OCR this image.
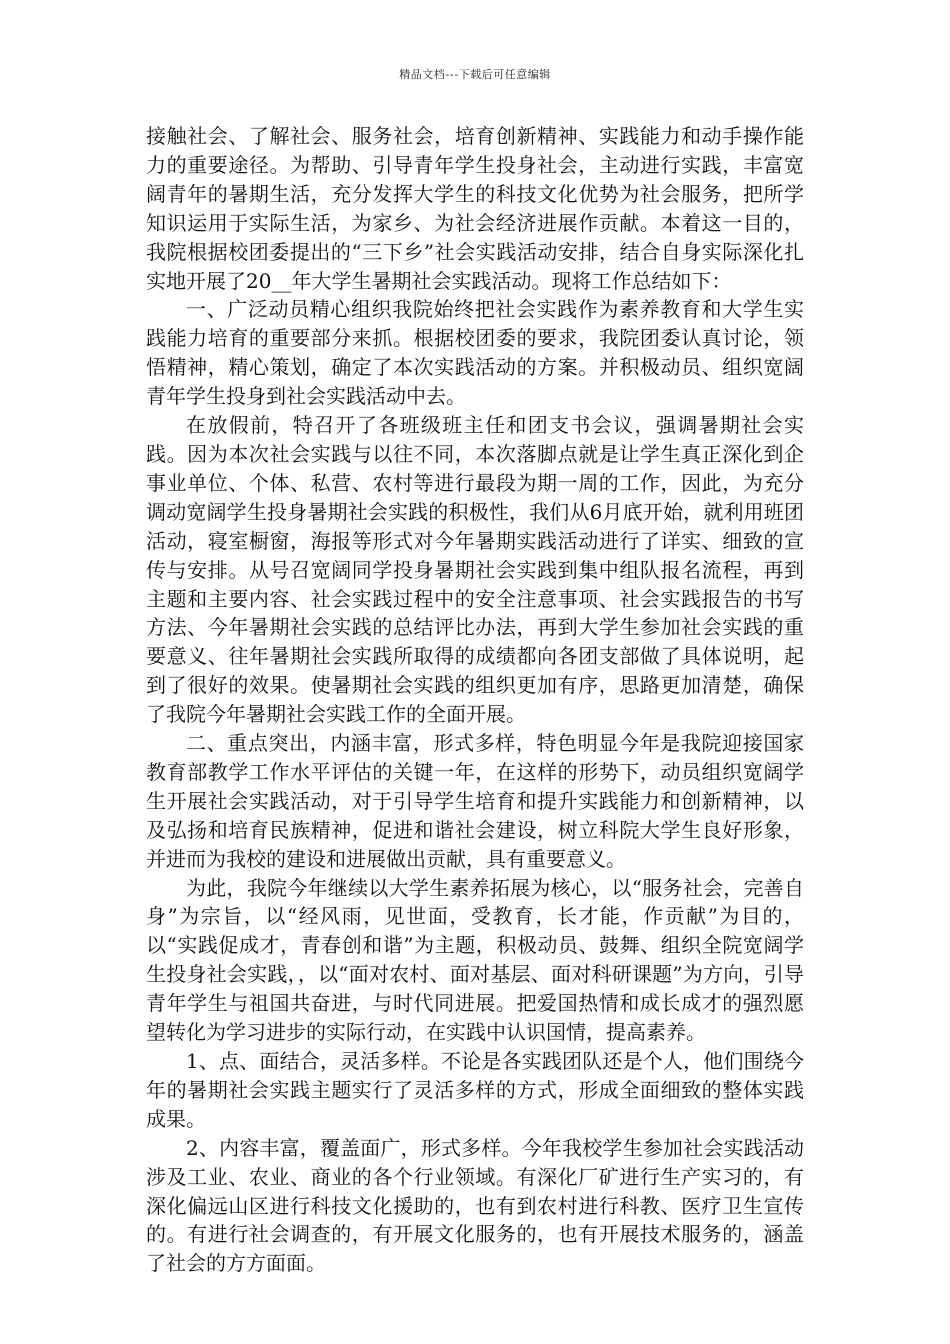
精品文档---下载后可任意编辑

接触社会、了解社会、服务社会，培育创新精神、实践能力和动手操作能力的重要途径。为帮助、引导青年学生投身社会，主动进行实践，丰富宽阔青年的暑期生活，充分发挥大学生的科技文化优势为社会服务，把所学知识运用于实际生活，为家乡、为社会经济进展作贡献。本着这一目的，我院根据校团委提出的“三下乡”社会实践活动安排，结合自身实际深化扎实地开展了20__年大学生暑期社会实践活动。现将工作总结如下：

一、广泛动员精心组织我院始终把社会实践作为素养教育和大学生实践能力培育的重要部分来抓。根据校团委的要求，我院团委认真讨论，领悟精神，精心策划，确定了本次实践活动的方案。并积极动员、组织宽阔青年学生投身到社会实践活动中去。

在放假前，特召开了各班级班主任和团支书会议，强调暑期社会实践。因为本次社会实践与以往不同，本次落脚点就是让学生真正深化到企事业单位、个体、私营、农村等进行最段为期一周的工作，因此，为充分调动宽阔学生投身暑期社会实践的积极性，我们从6月底开始，就利用班团活动，寝室橱窗，海报等形式对今年暑期实践活动进行了详实、细致的宣传与安排。从号召宽阔同学投身暑期社会实践到集中组队报名流程，再到主题和主要内容、社会实践过程中的安全注意事项、社会实践报告的书写方法、今年暑期社会实践的总结评比办法，再到大学生参加社会实践的重要意义、往年暑期社会实践所取得的成绩都向各团支部做了具体说明，起到了很好的效果。使暑期社会实践的组织更加有序，思路更加清楚，确保了我院今年暑期社会实践工作的全面开展。

二、重点突出，内涵丰富，形式多样，特色明显今年是我院迎接国家教育部教学工作水平评估的关键一年，在这样的形势下，动员组织宽阔学生开展社会实践活动，对于引导学生培育和提升实践能力和创新精神，以及弘扬和培育民族精神，促进和谐社会建设，树立科院大学生良好形象，并进而为我校的建设和进展做出贡献，具有重要意义。

为此，我院今年继续以大学生素养拓展为核心，以“服务社会，完善自身”为宗旨，以“经风雨，见世面，受教育，长才能，作贡献”为目的，以“实践促成才，青春创和谐”为主题，积极动员、鼓舞、组织全院宽阔学生投身社会实践，，以“面对农村、面对基层、面对科研课题”为方向，引导青年学生与祖国共奋进，与时代同进展。把爱国热情和成长成才的强烈愿望转化为学习进步的实际行动，在实践中认识国情，提高素养。

1、点、面结合，灵活多样。不论是各实践团队还是个人，他们围绕今年的暑期社会实践主题实行了灵活多样的方式，形成全面细致的整体实践成果。

2、内容丰富，覆盖面广，形式多样。今年我校学生参加社会实践活动涉及工业、农业、商业的各个行业领域。有深化厂矿进行生产实习的，有深化偏远山区进行科技文化援助的，也有到农村进行科教、医疗卫生宣传的。有进行社会调查的，有开展文化服务的，也有开展技术服务的，涵盖了社会的方方面面。
